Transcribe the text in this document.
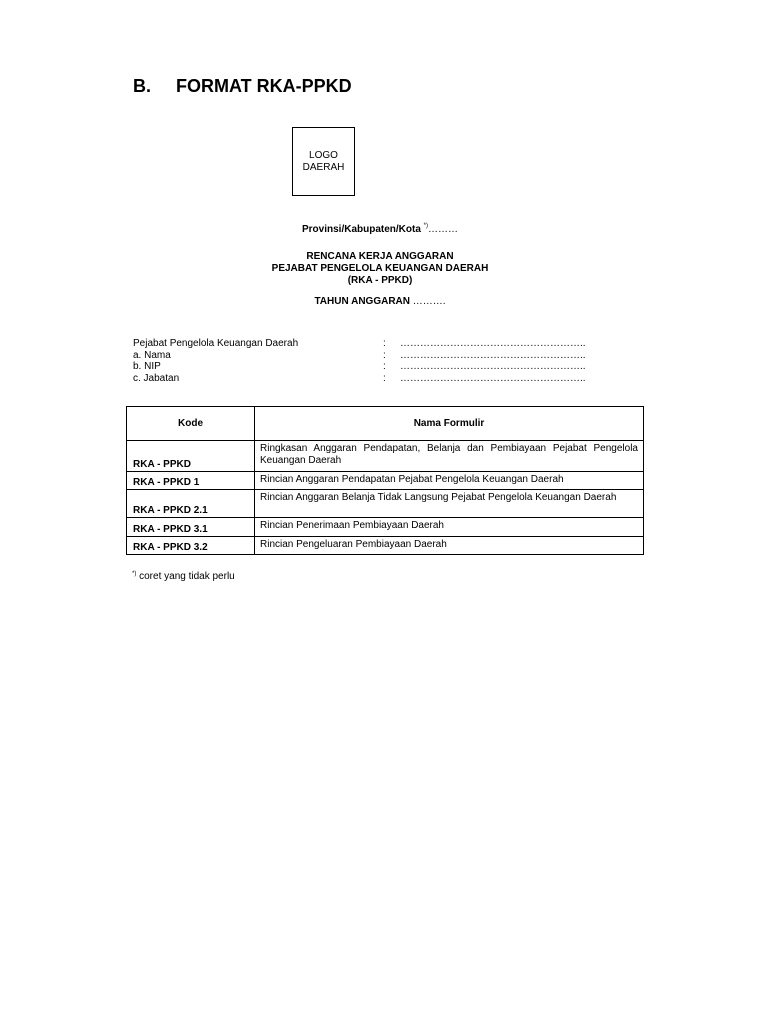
B. FORMAT RKA-PPKD
LOGO
DAERAH
Provinsi/Kabupaten/Kota *)………
RENCANA KERJA ANGGARAN
PEJABAT PENGELOLA KEUANGAN DAERAH
(RKA - PPKD)
TAHUN ANGGARAN ……….
Pejabat Pengelola Keuangan Daerah	:	………………………………………………..
a. Nama	:	………………………………………………..
b. NIP	:	………………………………………………..
c. Jabatan	:	………………………………………………..
Kode	Nama Formulir
RKA - PPKD	Ringkasan Anggaran Pendapatan, Belanja dan Pembiayaan Pejabat Pengelola Keuangan Daerah
RKA - PPKD 1	Rincian Anggaran Pendapatan Pejabat Pengelola Keuangan Daerah
RKA - PPKD 2.1	Rincian Anggaran Belanja Tidak Langsung Pejabat Pengelola Keuangan Daerah
RKA - PPKD 3.1	Rincian Penerimaan Pembiayaan Daerah
RKA - PPKD 3.2	Rincian Pengeluaran Pembiayaan Daerah
*) coret yang tidak perlu
